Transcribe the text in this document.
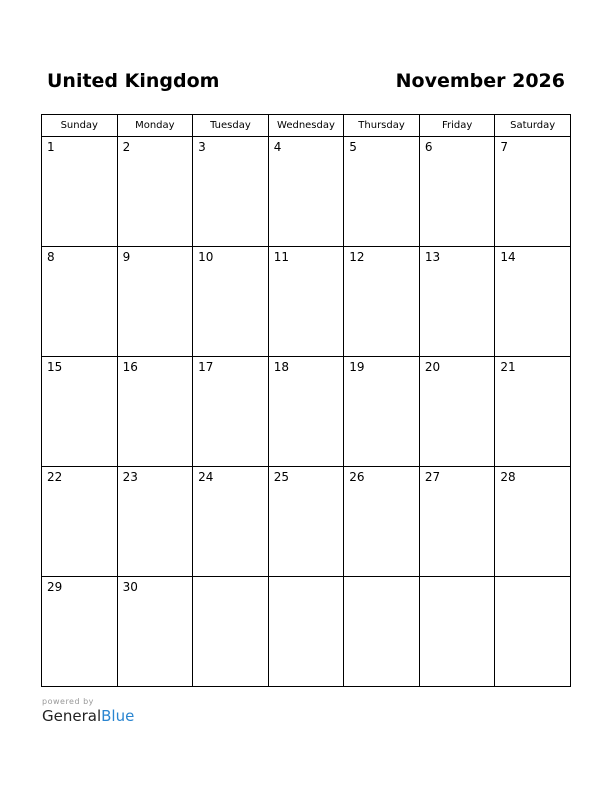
United Kingdom	November 2026
Sunday	Monday	Tuesday	Wednesday	Thursday	Friday	Saturday

1	2	3	4	5	6	7

8	9	10	11	12	13	14

15	16	17	18	19	20	21

22	23	24	25	26	27	28

29	30					

powered by
GeneralBlue
